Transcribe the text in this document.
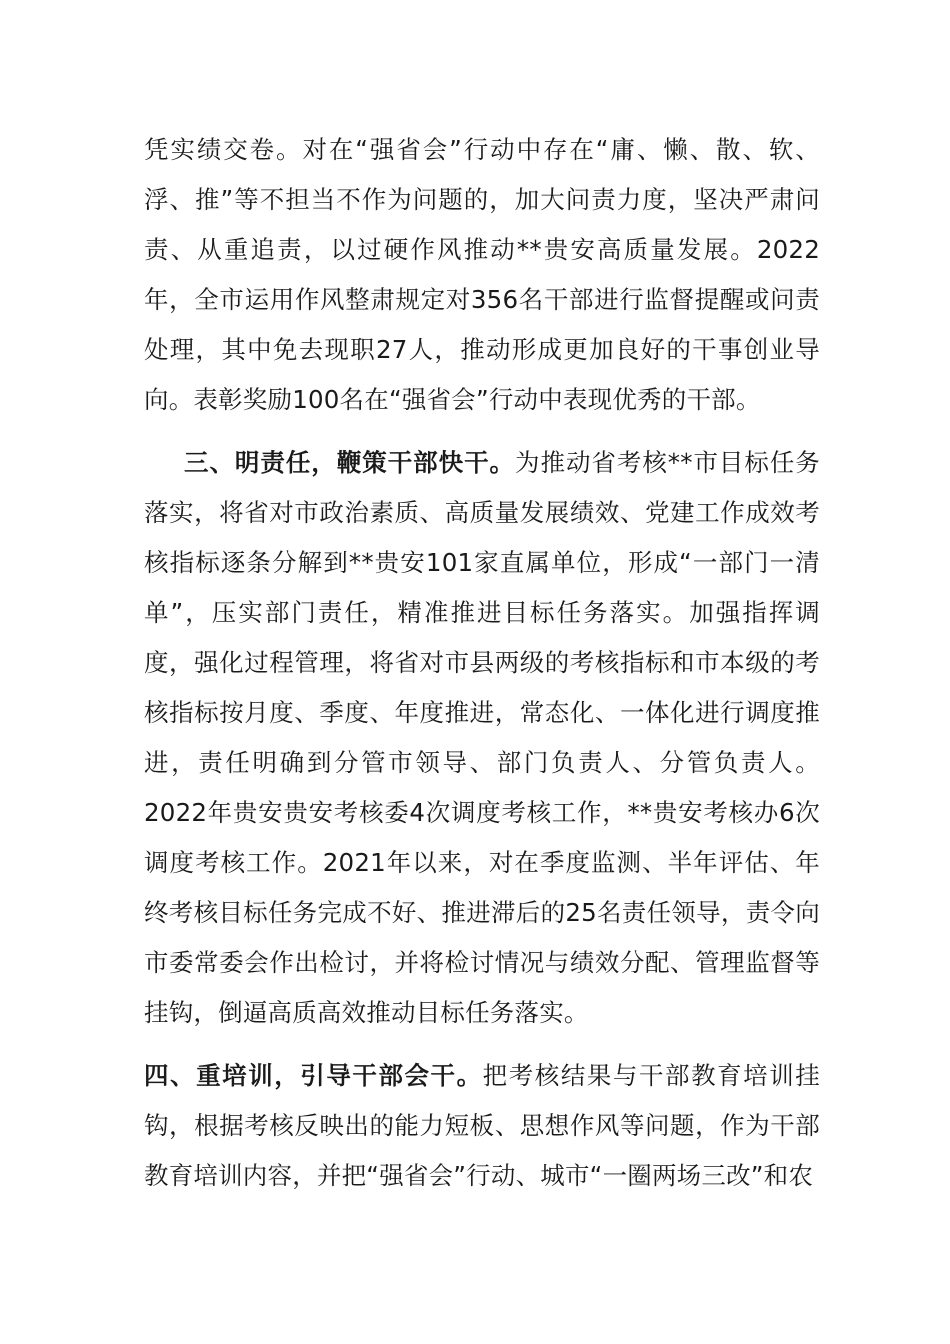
凭实绩交卷。对在“强省会”行动中存在“庸、懒、散、软、浮、推”等不担当不作为问题的，加大问责力度，坚决严肃问责、从重追责，以过硬作风推动**贵安高质量发展。2022年，全市运用作风整肃规定对356名干部进行监督提醒或问责处理，其中免去现职27人，推动形成更加良好的干事创业导向。表彰奖励100名在“强省会”行动中表现优秀的干部。

三、明责任，鞭策干部快干。为推动省考核**市目标任务落实，将省对市政治素质、高质量发展绩效、党建工作成效考核指标逐条分解到**贵安101家直属单位，形成“一部门一清单”，压实部门责任，精准推进目标任务落实。加强指挥调度，强化过程管理，将省对市县两级的考核指标和市本级的考核指标按月度、季度、年度推进，常态化、一体化进行调度推进，责任明确到分管市领导、部门负责人、分管负责人。2022年贵安贵安考核委4次调度考核工作，**贵安考核办6次调度考核工作。2021年以来，对在季度监测、半年评估、年终考核目标任务完成不好、推进滞后的25名责任领导，责令向市委常委会作出检讨，并将检讨情况与绩效分配、管理监督等挂钩，倒逼高质高效推动目标任务落实。

四、重培训，引导干部会干。把考核结果与干部教育培训挂钩，根据考核反映出的能力短板、思想作风等问题，作为干部教育培训内容，并把“强省会”行动、城市“一圈两场三改”和农
